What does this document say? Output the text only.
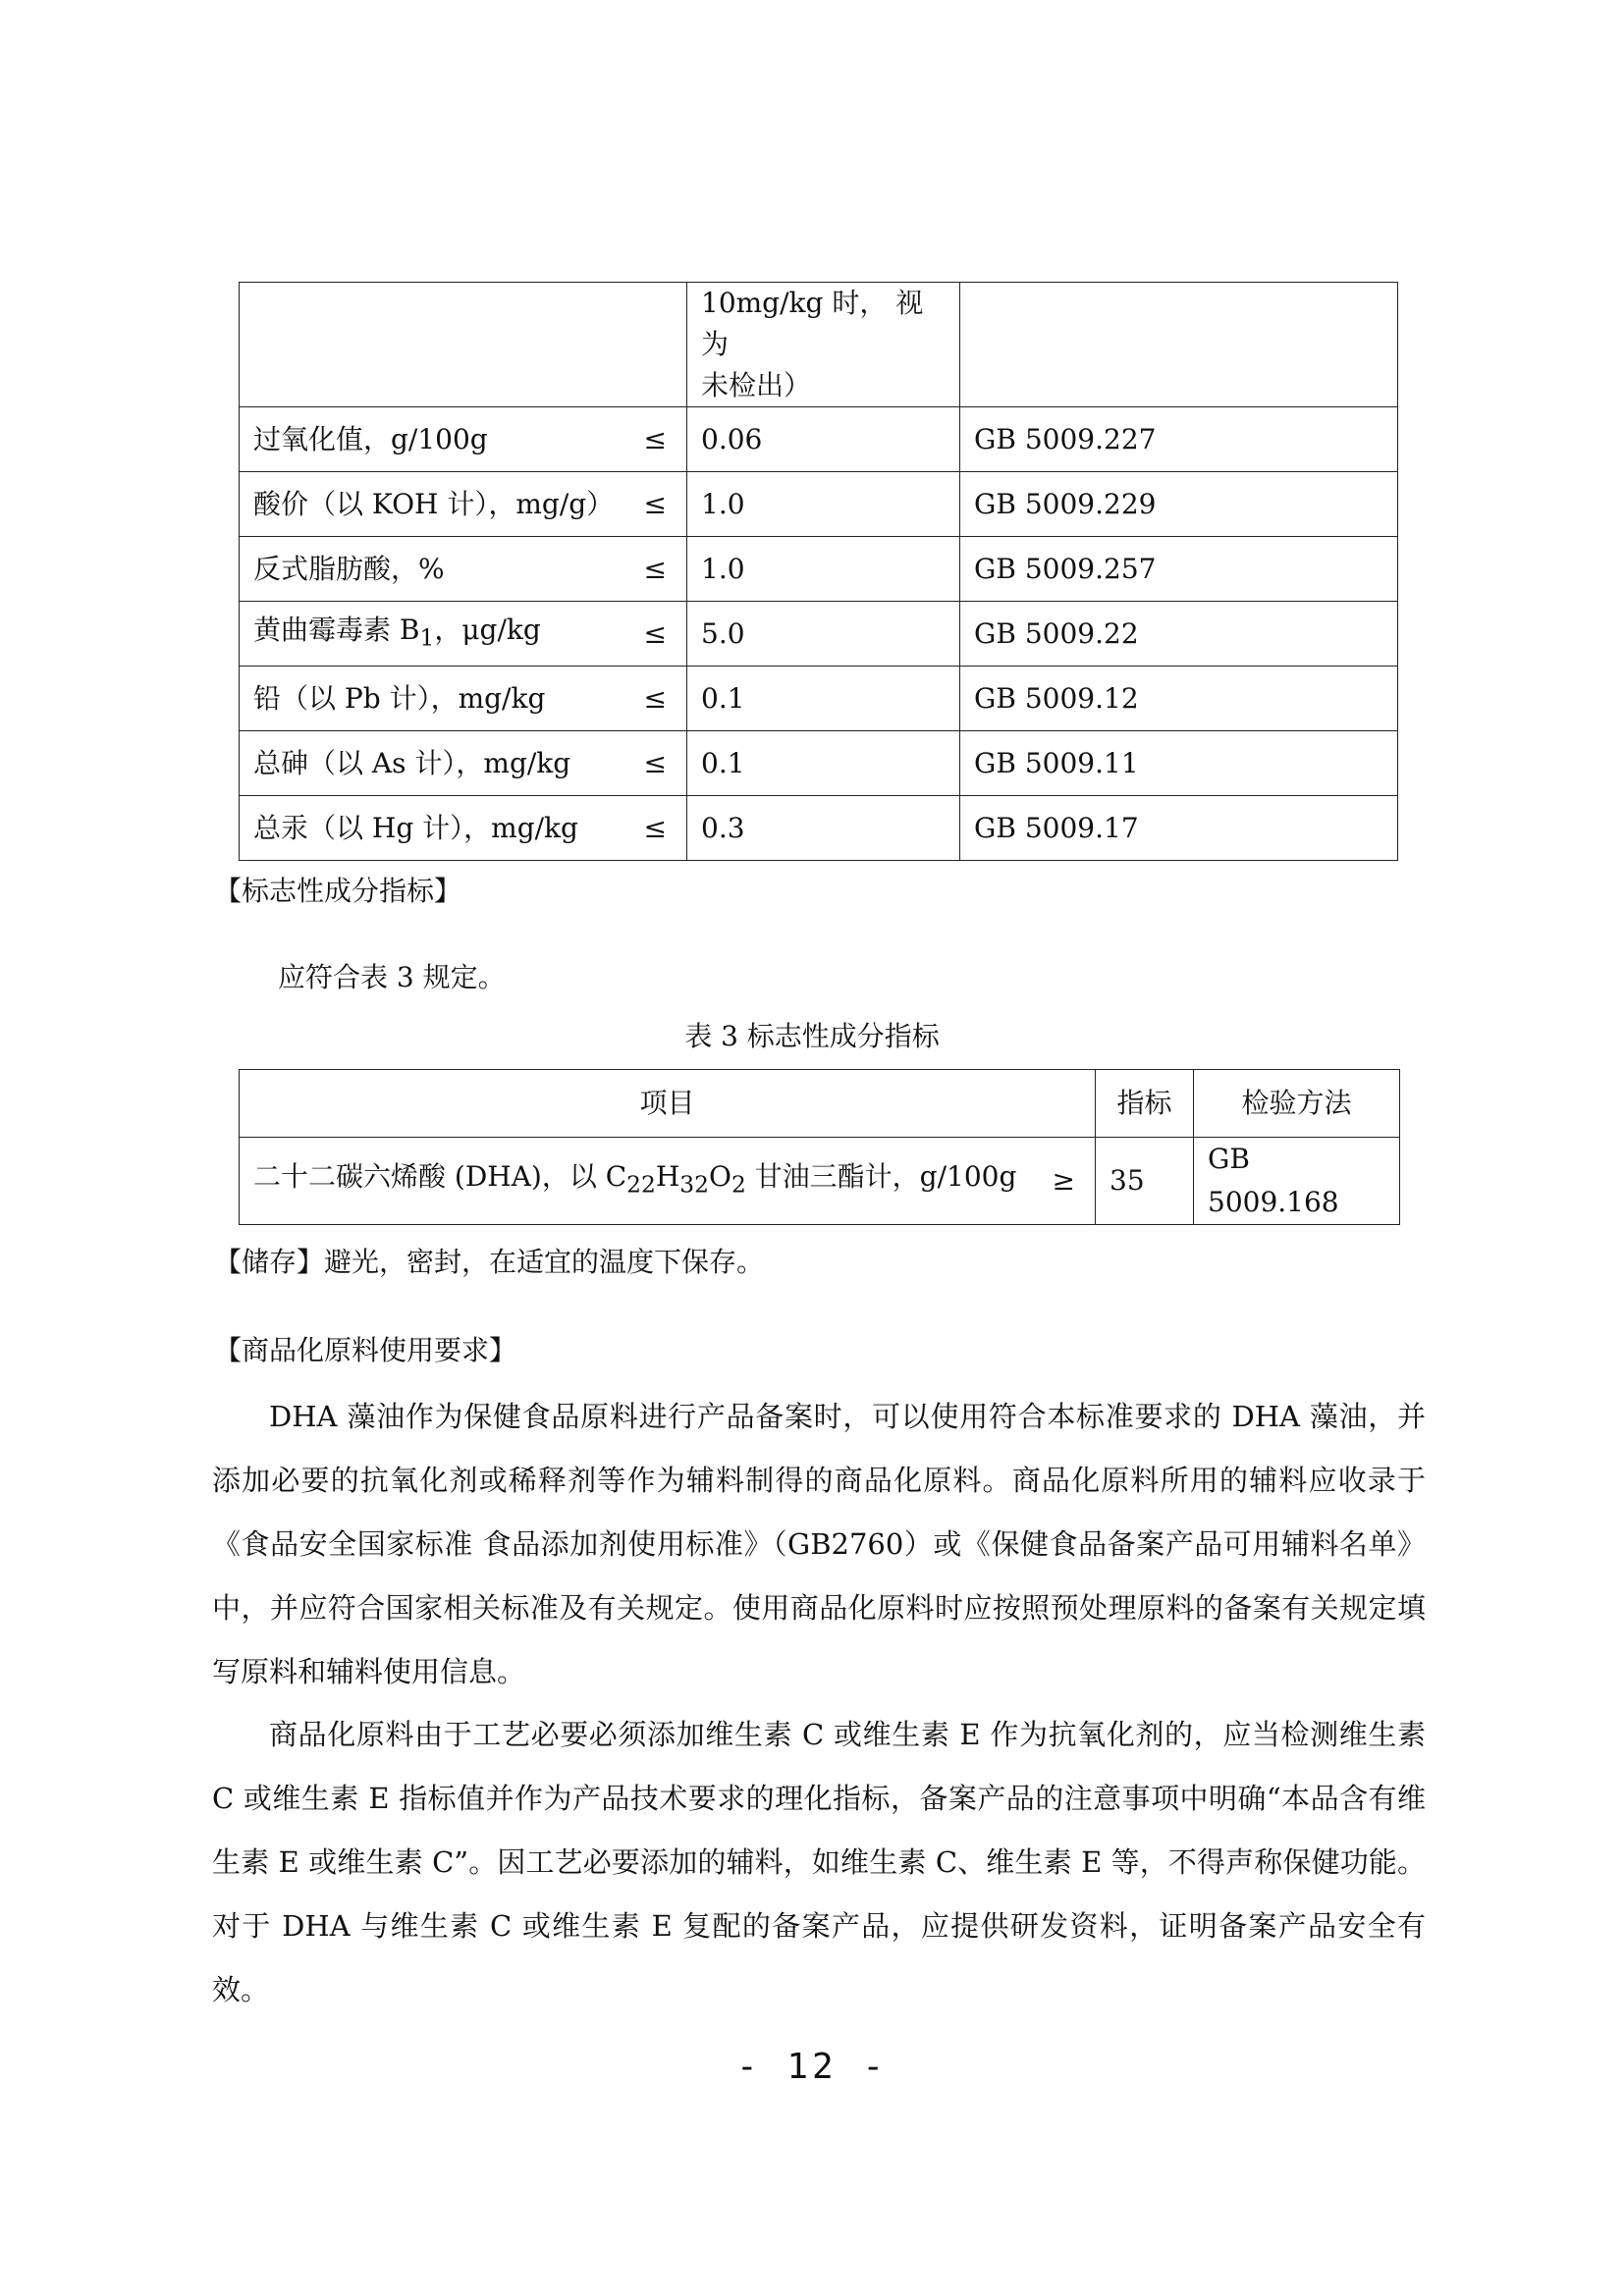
	10mg/kg 时， 视为
未检出）	

过氧化值，g/100g ≤	0.06	GB 5009.227

酸价（以 KOH 计），mg/g） ≤	1.0	GB 5009.229

反式脂肪酸，% ≤	1.0	GB 5009.257

黄曲霉毒素 $B_1$，μg/kg ≤	5.0	GB 5009.22

铅（以 Pb 计），mg/kg ≤	0.1	GB 5009.12

总砷（以 As 计），mg/kg ≤	0.1	GB 5009.11

总汞（以 Hg 计），mg/kg ≤	0.3	GB 5009.17

【标志性成分指标】

应符合表 3 规定。

表 3 标志性成分指标

项目	指标	检验方法

二十二碳六烯酸 (DHA)，以 $C_{22}H_{32}O_2$ 甘油三酯计，g/100g ≥	35	GB 5009.168

【储存】避光，密封，在适宜的温度下保存。

【商品化原料使用要求】

DHA 藻油作为保健食品原料进行产品备案时，可以使用符合本标准要求的 DHA 藻油，并添加必要的抗氧化剂或稀释剂等作为辅料制得的商品化原料。商品化原料所用的辅料应收录于《食品安全国家标准 食品添加剂使用标准》（GB2760）或《保健食品备案产品可用辅料名单》中，并应符合国家相关标准及有关规定。使用商品化原料时应按照预处理原料的备案有关规定填写原料和辅料使用信息。

商品化原料由于工艺必要必须添加维生素 C 或维生素 E 作为抗氧化剂的，应当检测维生素 C 或维生素 E 指标值并作为产品技术要求的理化指标，备案产品的注意事项中明确“本品含有维生素 E 或维生素 C”。因工艺必要添加的辅料，如维生素 C、维生素 E 等，不得声称保健功能。对于 DHA 与维生素 C 或维生素 E 复配的备案产品，应提供研发资料，证明备案产品安全有效。

- 12 -
